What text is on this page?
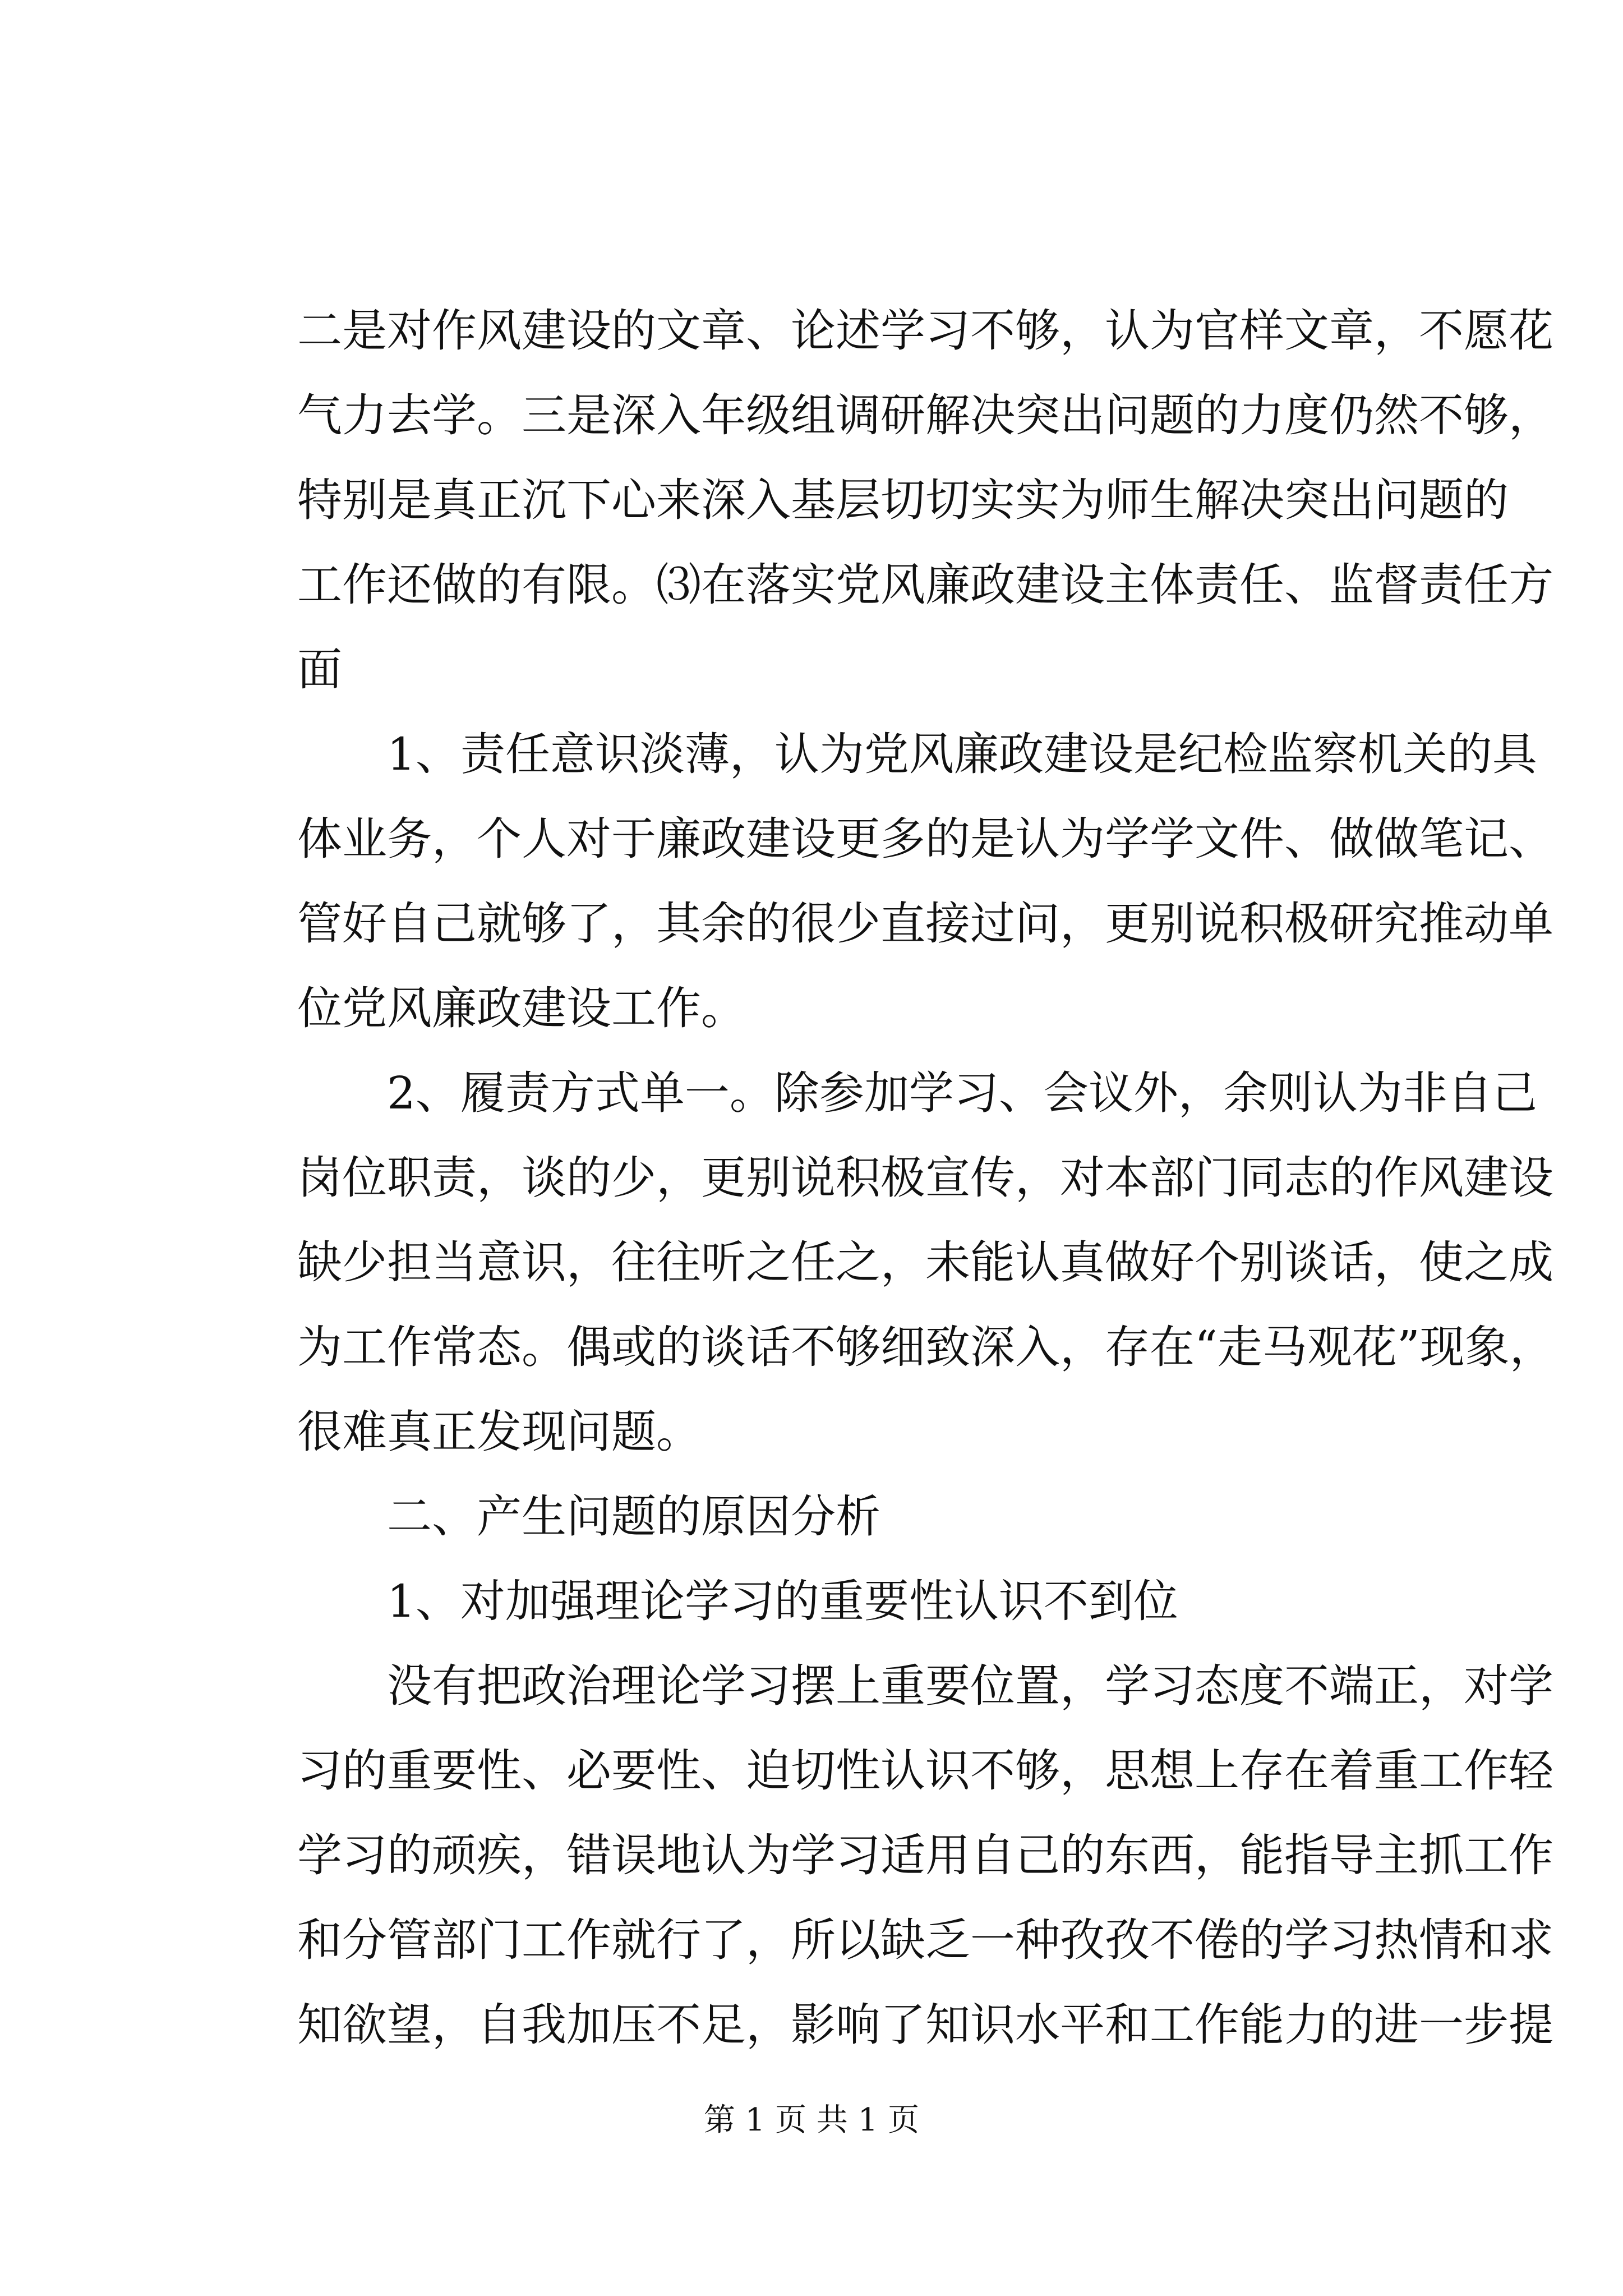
二是对作风建设的文章、论述学习不够，认为官样文章，不愿花
气力去学。三是深入年级组调研解决突出问题的力度仍然不够，
特别是真正沉下心来深入基层切切实实为师生解决突出问题的
工作还做的有限。⑶在落实党风廉政建设主体责任、监督责任方
面
1、责任意识淡薄，认为党风廉政建设是纪检监察机关的具
体业务，个人对于廉政建设更多的是认为学学文件、做做笔记、
管好自己就够了，其余的很少直接过问，更别说积极研究推动单
位党风廉政建设工作。
2、履责方式单一。除参加学习、会议外，余则认为非自己
岗位职责，谈的少，更别说积极宣传，对本部门同志的作风建设
缺少担当意识，往往听之任之，未能认真做好个别谈话，使之成
为工作常态。偶或的谈话不够细致深入，存在“走马观花”现象，
很难真正发现问题。
二、产生问题的原因分析
1、对加强理论学习的重要性认识不到位
没有把政治理论学习摆上重要位置，学习态度不端正，对学
习的重要性、必要性、迫切性认识不够，思想上存在着重工作轻
学习的顽疾，错误地认为学习适用自己的东西，能指导主抓工作
和分管部门工作就行了，所以缺乏一种孜孜不倦的学习热情和求
知欲望，自我加压不足，影响了知识水平和工作能力的进一步提
第 1 页 共 1 页
